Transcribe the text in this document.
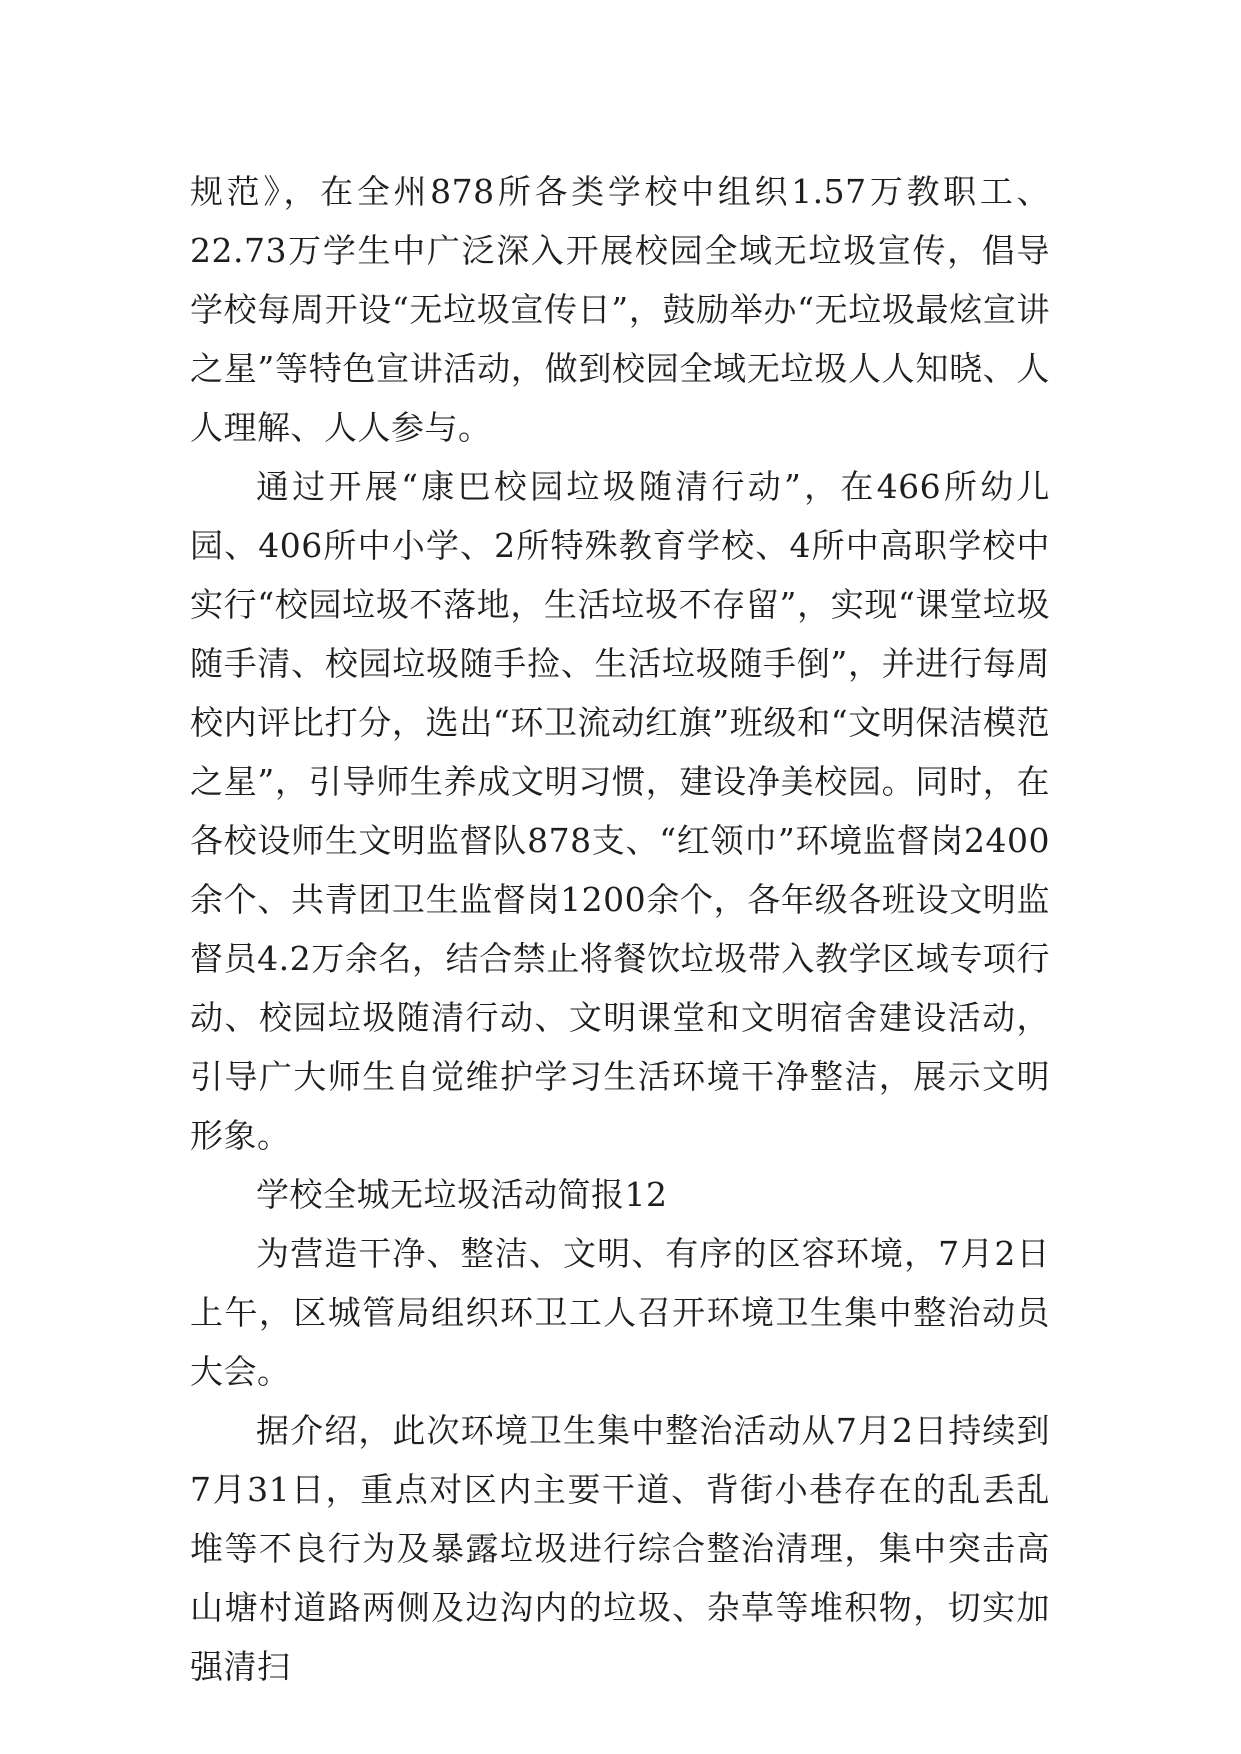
规范》，在全州878所各类学校中组织1.57万教职工、22.73万学生中广泛深入开展校园全域无垃圾宣传，倡导学校每周开设“无垃圾宣传日”，鼓励举办“无垃圾最炫宣讲之星”等特色宣讲活动，做到校园全域无垃圾人人知晓、人人理解、人人参与。

通过开展“康巴校园垃圾随清行动”，在466所幼儿园、406所中小学、2所特殊教育学校、4所中高职学校中实行“校园垃圾不落地，生活垃圾不存留”，实现“课堂垃圾随手清、校园垃圾随手捡、生活垃圾随手倒”，并进行每周校内评比打分，选出“环卫流动红旗”班级和“文明保洁模范之星”，引导师生养成文明习惯，建设净美校园。同时，在各校设师生文明监督队878支、“红领巾”环境监督岗2400余个、共青团卫生监督岗1200余个，各年级各班设文明监督员4.2万余名，结合禁止将餐饮垃圾带入教学区域专项行动、校园垃圾随清行动、文明课堂和文明宿舍建设活动，引导广大师生自觉维护学习生活环境干净整洁，展示文明形象。

学校全城无垃圾活动简报12

为营造干净、整洁、文明、有序的区容环境，7月2日上午，区城管局组织环卫工人召开环境卫生集中整治动员大会。

据介绍，此次环境卫生集中整治活动从7月2日持续到7月31日，重点对区内主要干道、背街小巷存在的乱丢乱堆等不良行为及暴露垃圾进行综合整治清理，集中突击高山塘村道路两侧及边沟内的垃圾、杂草等堆积物，切实加强清扫
